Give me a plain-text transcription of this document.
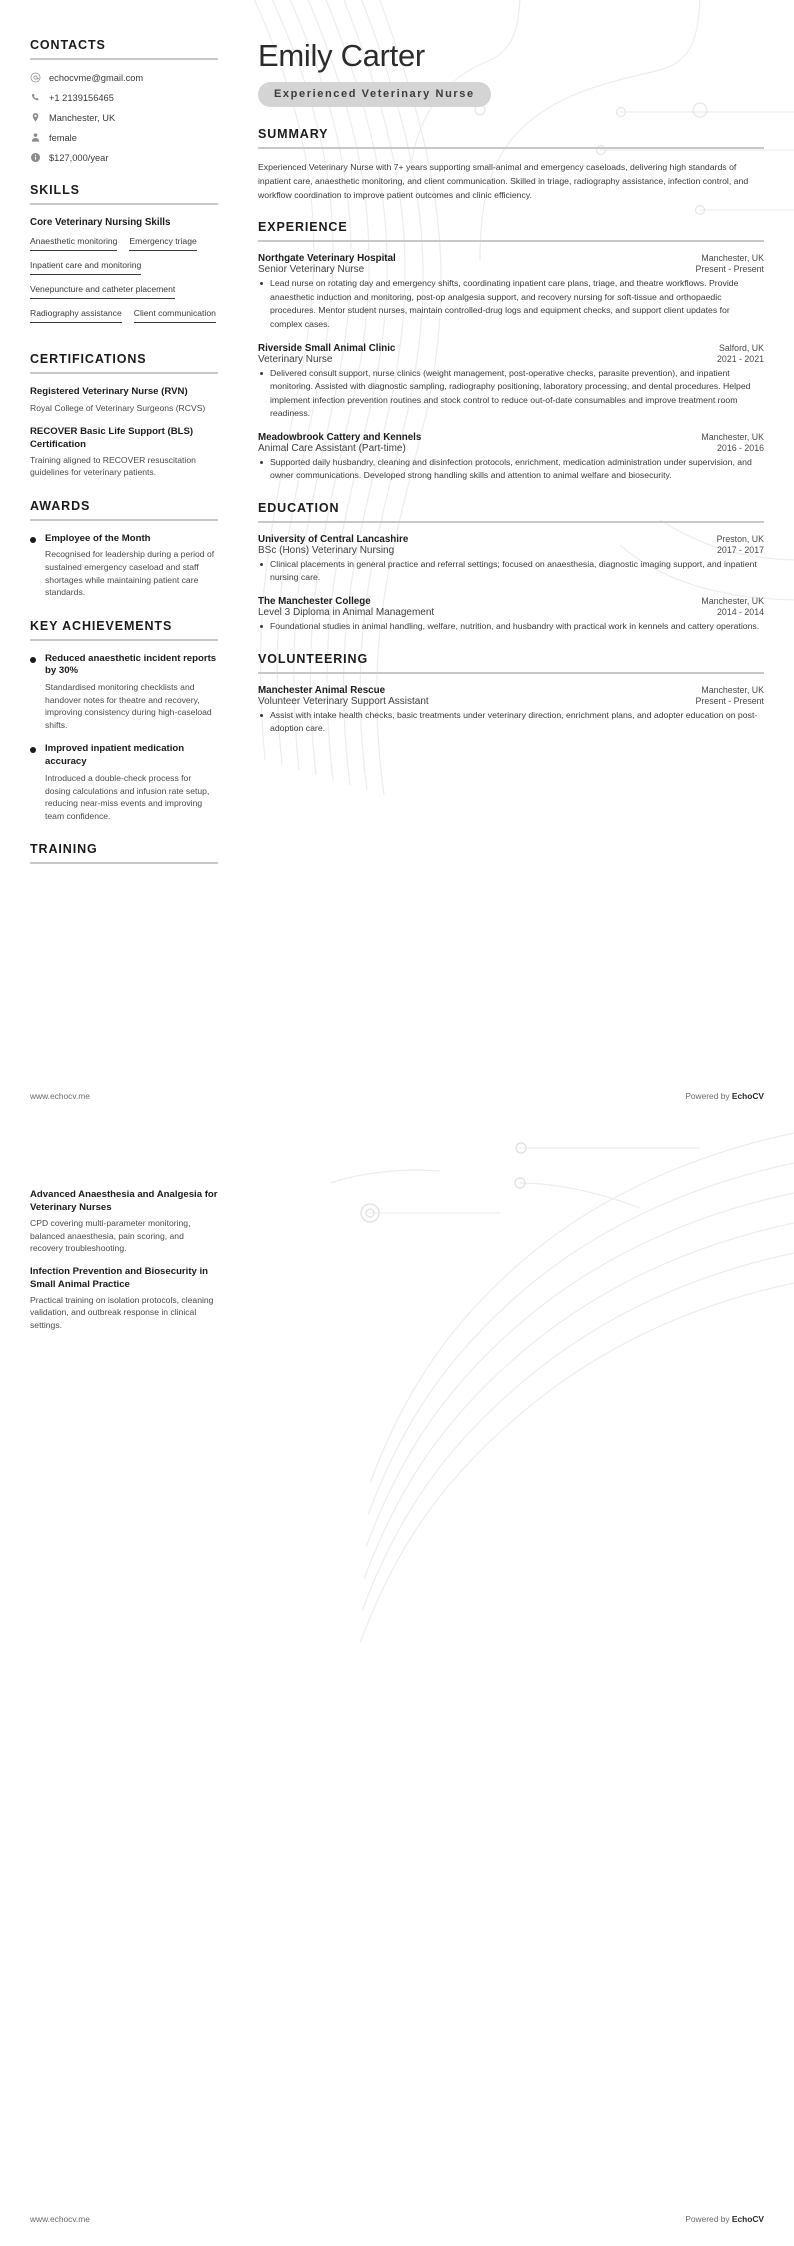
CONTACTS
echocvme@gmail.com
+1 2139156465
Manchester, UK
female
$127,000/year
SKILLS
Core Veterinary Nursing Skills
Anaesthetic monitoring Emergency triage
Inpatient care and monitoring
Venepuncture and catheter placement
Radiography assistance Client communication
CERTIFICATIONS
Registered Veterinary Nurse (RVN)
Royal College of Veterinary Surgeons (RCVS)
RECOVER Basic Life Support (BLS) Certification
Training aligned to RECOVER resuscitation guidelines for veterinary patients.
AWARDS
Employee of the Month
Recognised for leadership during a period of sustained emergency caseload and staff shortages while maintaining patient care standards.
KEY ACHIEVEMENTS
Reduced anaesthetic incident reports by 30%
Standardised monitoring checklists and handover notes for theatre and recovery, improving consistency during high-caseload shifts.
Improved inpatient medication accuracy
Introduced a double-check process for dosing calculations and infusion rate setup, reducing near-miss events and improving team confidence.
TRAINING
Emily Carter
Experienced Veterinary Nurse
SUMMARY

Experienced Veterinary Nurse with 7+ years supporting small-animal and emergency caseloads, delivering high standards of inpatient care, anaesthetic monitoring, and client communication. Skilled in triage, radiography assistance, infection control, and workflow coordination to improve patient outcomes and clinic efficiency.

EXPERIENCE
Northgate Veterinary Hospital	Manchester, UK
Senior Veterinary Nurse	Present - Present
Lead nurse on rotating day and emergency shifts, coordinating inpatient care plans, triage, and theatre workflows. Provide anaesthetic induction and monitoring, post-op analgesia support, and recovery nursing for soft-tissue and orthopaedic procedures. Mentor student nurses, maintain controlled-drug logs and equipment checks, and support client updates for complex cases.
Riverside Small Animal Clinic	Salford, UK
Veterinary Nurse	2021 - 2021
Delivered consult support, nurse clinics (weight management, post-operative checks, parasite prevention), and inpatient monitoring. Assisted with diagnostic sampling, radiography positioning, laboratory processing, and dental procedures. Helped implement infection prevention routines and stock control to reduce out-of-date consumables and improve treatment room readiness.
Meadowbrook Cattery and Kennels	Manchester, UK
Animal Care Assistant (Part-time)	2016 - 2016
Supported daily husbandry, cleaning and disinfection protocols, enrichment, medication administration under supervision, and owner communications. Developed strong handling skills and attention to animal welfare and biosecurity.
EDUCATION
University of Central Lancashire	Preston, UK
BSc (Hons) Veterinary Nursing	2017 - 2017
Clinical placements in general practice and referral settings; focused on anaesthesia, diagnostic imaging support, and inpatient nursing care.
The Manchester College	Manchester, UK
Level 3 Diploma in Animal Management	2014 - 2014
Foundational studies in animal handling, welfare, nutrition, and husbandry with practical work in kennels and cattery operations.
VOLUNTEERING
Manchester Animal Rescue	Manchester, UK
Volunteer Veterinary Support Assistant	Present - Present
Assist with intake health checks, basic treatments under veterinary direction, enrichment plans, and adopter education on post-adoption care.
www.echocv.me	Powered by EchoCV
Advanced Anaesthesia and Analgesia for Veterinary Nurses
CPD covering multi-parameter monitoring, balanced anaesthesia, pain scoring, and recovery troubleshooting.
Infection Prevention and Biosecurity in Small Animal Practice
Practical training on isolation protocols, cleaning validation, and outbreak response in clinical settings.
www.echocv.me	Powered by EchoCV
